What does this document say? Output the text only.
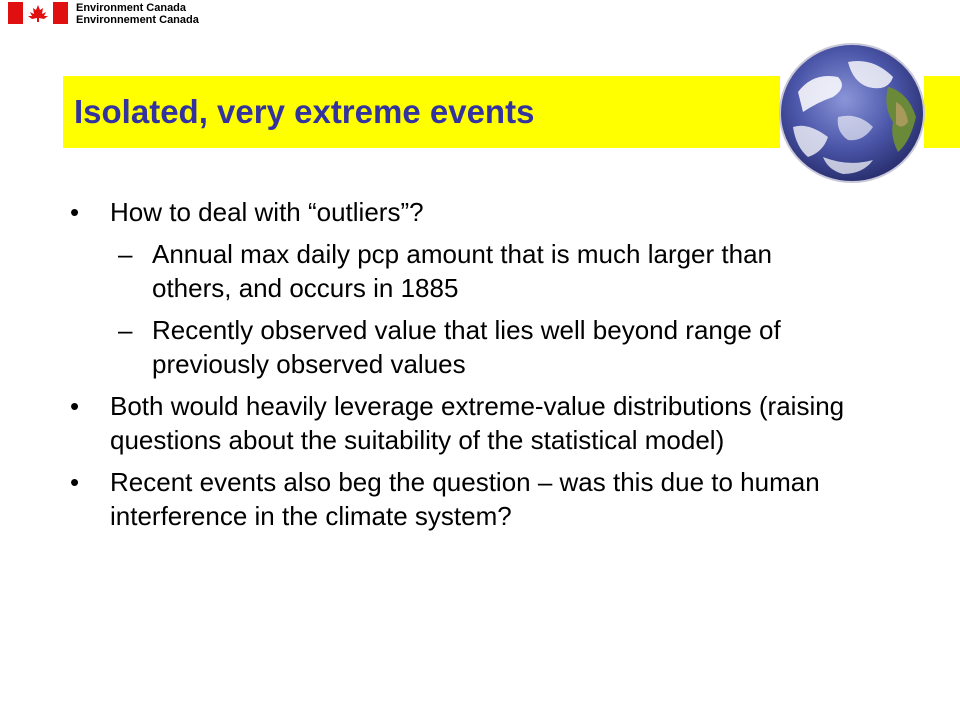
Environment Canada
Environnement Canada
Isolated, very extreme events
•	How to deal with “outliers”?
– Annual max daily pcp amount that is much larger than others, and occurs in 1885
– Recently observed value that lies well beyond range of previously observed values
•	Both would heavily leverage extreme-value distributions (raising questions about the suitability of the statistical model)
•	Recent events also beg the question – was this due to human interference in the climate system?
